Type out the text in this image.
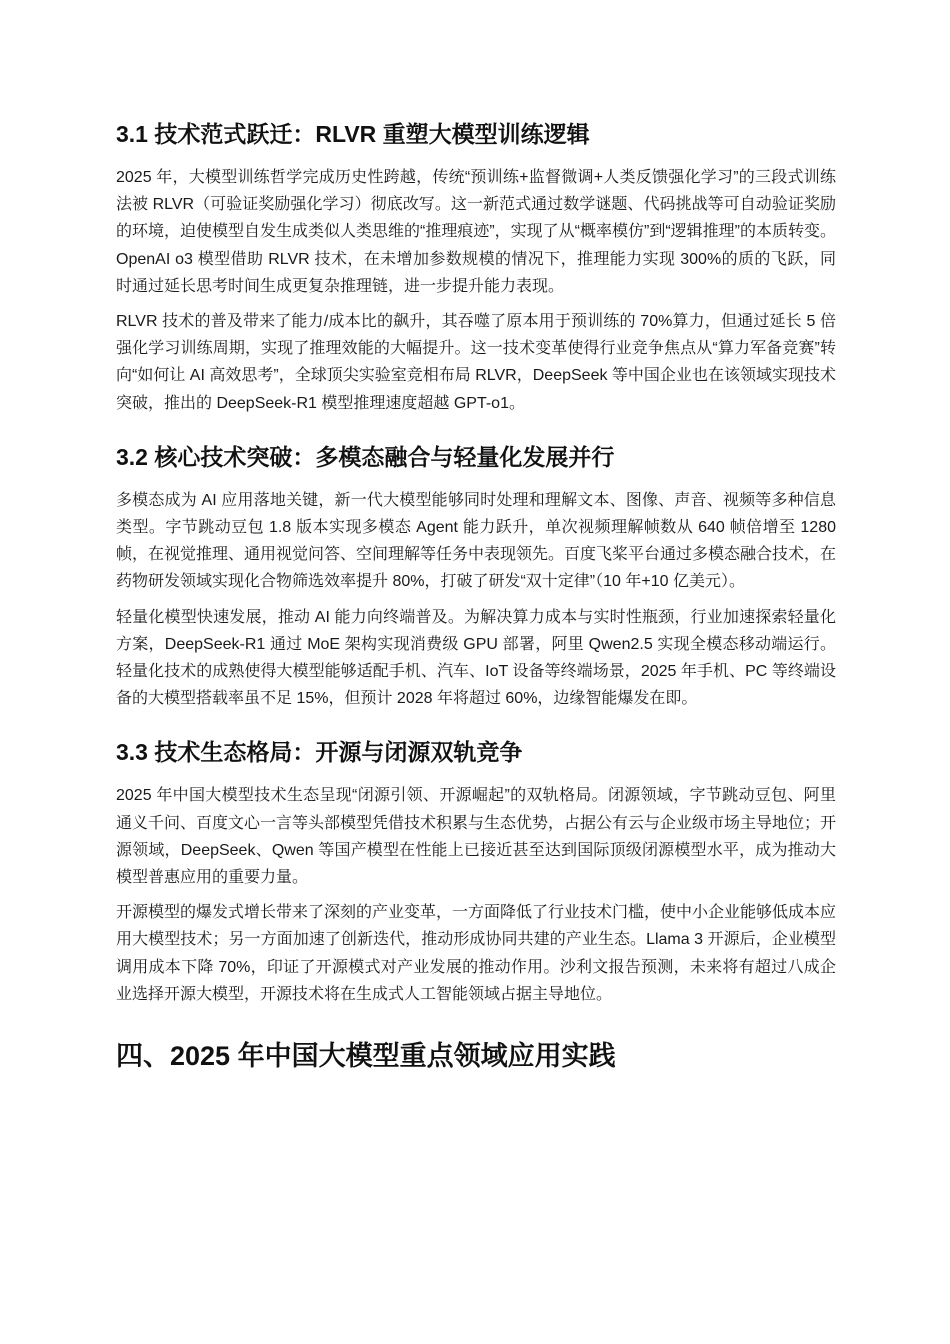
3.1 技术范式跃迁：RLVR 重塑大模型训练逻辑

2025 年，大模型训练哲学完成历史性跨越，传统“预训练+监督微调+人类反馈强化学习”的三段式训练法被 RLVR（可验证奖励强化学习）彻底改写。这一新范式通过数学谜题、代码挑战等可自动验证奖励的环境，迫使模型自发生成类似人类思维的“推理痕迹”，实现了从“概率模仿”到“逻辑推理”的本质转变。OpenAI o3 模型借助 RLVR 技术，在未增加参数规模的情况下，推理能力实现 300%的质的飞跃，同时通过延长思考时间生成更复杂推理链，进一步提升能力表现。

RLVR 技术的普及带来了能力/成本比的飙升，其吞噬了原本用于预训练的 70%算力，但通过延长 5 倍强化学习训练周期，实现了推理效能的大幅提升。这一技术变革使得行业竞争焦点从“算力军备竞赛”转向“如何让 AI 高效思考”，全球顶尖实验室竞相布局 RLVR，DeepSeek 等中国企业也在该领域实现技术突破，推出的 DeepSeek-R1 模型推理速度超越 GPT-o1。

3.2 核心技术突破：多模态融合与轻量化发展并行

多模态成为 AI 应用落地关键，新一代大模型能够同时处理和理解文本、图像、声音、视频等多种信息类型。字节跳动豆包 1.8 版本实现多模态 Agent 能力跃升，单次视频理解帧数从 640 帧倍增至 1280 帧，在视觉推理、通用视觉问答、空间理解等任务中表现领先。百度飞桨平台通过多模态融合技术，在药物研发领域实现化合物筛选效率提升 80%，打破了研发“双十定律”（10 年+10 亿美元）。

轻量化模型快速发展，推动 AI 能力向终端普及。为解决算力成本与实时性瓶颈，行业加速探索轻量化方案，DeepSeek-R1 通过 MoE 架构实现消费级 GPU 部署，阿里 Qwen2.5 实现全模态移动端运行。轻量化技术的成熟使得大模型能够适配手机、汽车、IoT 设备等终端场景，2025 年手机、PC 等终端设备的大模型搭载率虽不足 15%，但预计 2028 年将超过 60%，边缘智能爆发在即。

3.3 技术生态格局：开源与闭源双轨竞争

2025 年中国大模型技术生态呈现“闭源引领、开源崛起”的双轨格局。闭源领域，字节跳动豆包、阿里通义千问、百度文心一言等头部模型凭借技术积累与生态优势，占据公有云与企业级市场主导地位；开源领域，DeepSeek、Qwen 等国产模型在性能上已接近甚至达到国际顶级闭源模型水平，成为推动大模型普惠应用的重要力量。

开源模型的爆发式增长带来了深刻的产业变革，一方面降低了行业技术门槛，使中小企业能够低成本应用大模型技术；另一方面加速了创新迭代，推动形成协同共建的产业生态。Llama 3 开源后，企业模型调用成本下降 70%，印证了开源模式对产业发展的推动作用。沙利文报告预测，未来将有超过八成企业选择开源大模型，开源技术将在生成式人工智能领域占据主导地位。

四、2025 年中国大模型重点领域应用实践
